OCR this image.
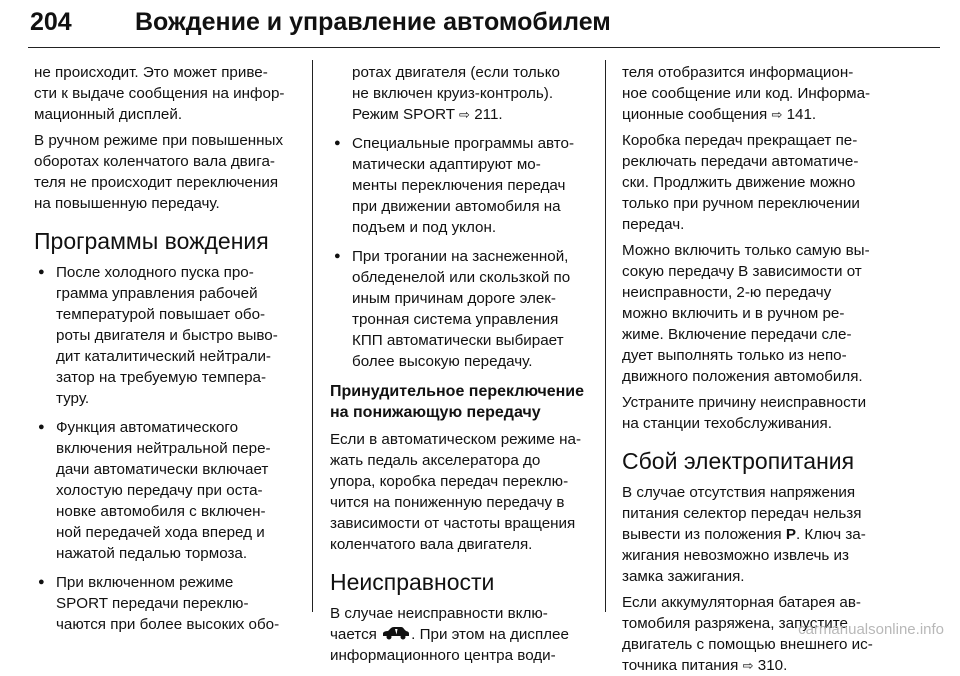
204	Вождение и управление автомобилем
не происходит. Это может приве-
сти к выдаче сообщения на инфор-
мационный дисплей.
В ручном режиме при повышенных
оборотах коленчатого вала двига-
теля не происходит переключения
на повышенную передачу.
Программы вождения
● После холодного пуска про-
грамма управления рабочей
температурой повышает обо-
роты двигателя и быстро выво-
дит каталитический нейтрали-
затор на требуемую темпера-
туру.
● Функция автоматического
включения нейтральной пере-
дачи автоматически включает
холостую передачу при оста-
новке автомобиля с включен-
ной передачей хода вперед и
нажатой педалью тормоза.
● При включенном режиме
SPORT передачи переклю-
чаются при более высоких обо-
ротах двигателя (если только
не включен круиз-контроль).
Режим SPORT ⇨ 211.
● Специальные программы авто-
матически адаптируют мо-
менты переключения передач
при движении автомобиля на
подъем и под уклон.
● При трогании на заснеженной,
обледенелой или скользкой по
иным причинам дороге элек-
тронная система управления
КПП автоматически выбирает
более высокую передачу.
Принудительное переключение
на понижающую передачу
Если в автоматическом режиме на-
жать педаль акселератора до
упора, коробка передач переклю-
чится на пониженную передачу в
зависимости от частоты вращения
коленчатого вала двигателя.
Неисправности
В случае неисправности вклю-
чается . При этом на дисплее
информационного центра води-
теля отобразится информацион-
ное сообщение или код. Информа-
ционные сообщения ⇨ 141.
Коробка передач прекращает пе-
реключать передачи автоматиче-
ски. Продлжить движение можно
только при ручном переключении
передач.
Можно включить только самую вы-
сокую передачу В зависимости от
неисправности, 2-ю передачу
можно включить и в ручном ре-
жиме. Включение передачи сле-
дует выполнять только из непо-
движного положения автомобиля.
Устраните причину неисправности
на станции техобслуживания.
Сбой электропитания
В случае отсутствия напряжения
питания селектор передач нельзя
вывести из положения P. Ключ за-
жигания невозможно извлечь из
замка зажигания.
Если аккумуляторная батарея ав-
томобиля разряжена, запустите
двигатель с помощью внешнего ис-
точника питания ⇨ 310.
carmanualsonline.info
